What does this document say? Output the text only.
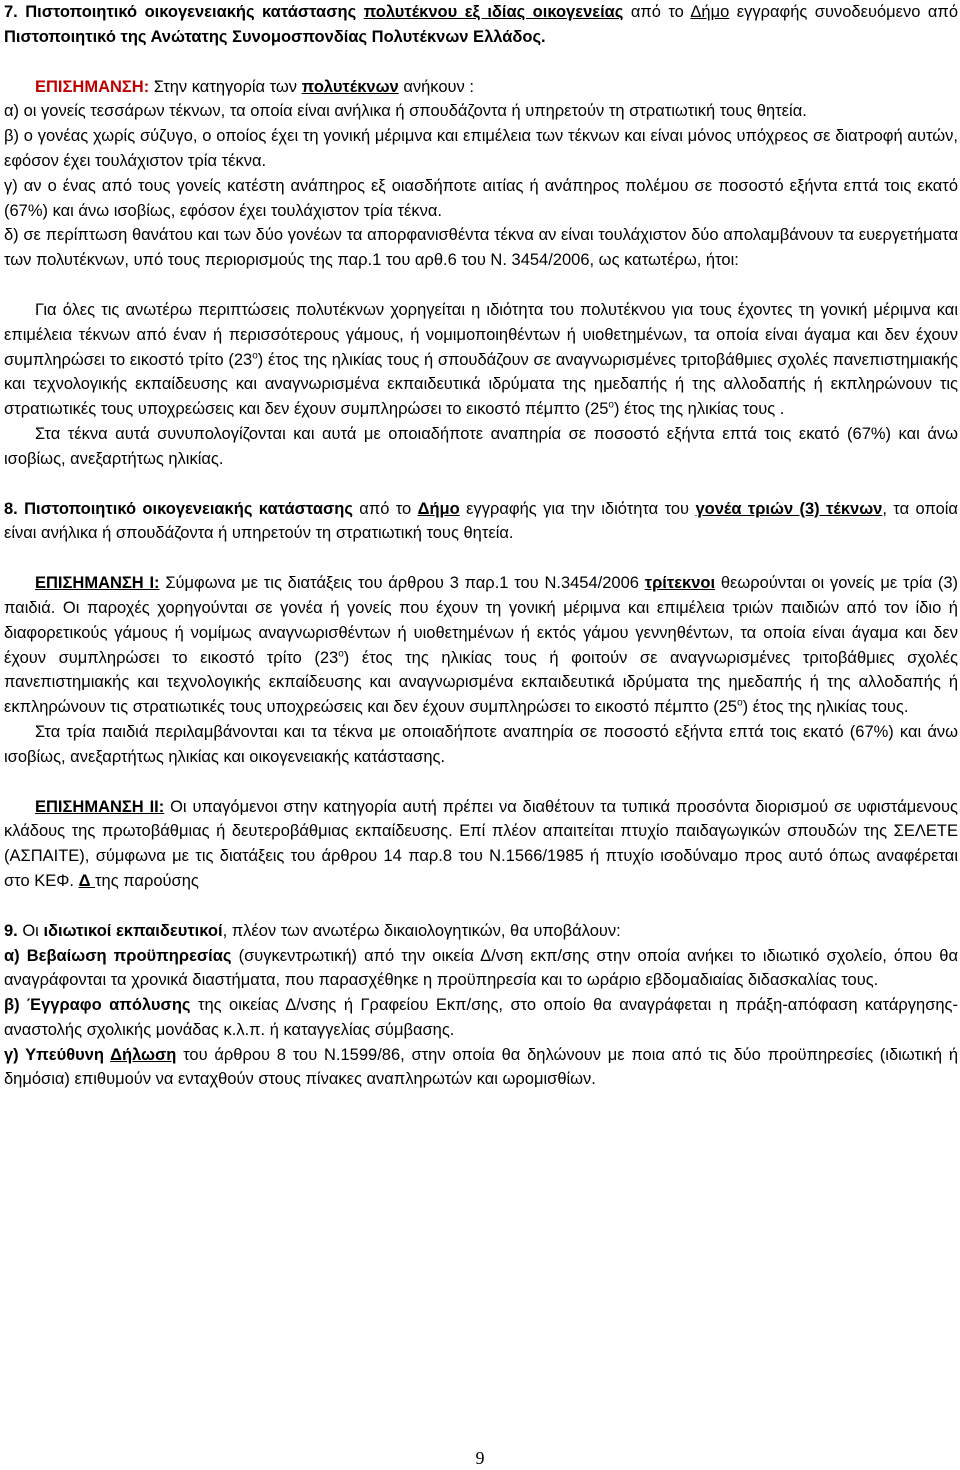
7. Πιστοποιητικό οικογενειακής κατάστασης πολυτέκνου εξ ιδίας οικογενείας από το Δήμο εγγραφής συνοδευόμενο από Πιστοποιητικό της Ανώτατης Συνομοσπονδίας Πολυτέκνων Ελλάδος.

ΕΠΙΣΗΜΑΝΣΗ: Στην κατηγορία των πολυτέκνων ανήκουν :

α) οι γονείς τεσσάρων τέκνων, τα οποία είναι ανήλικα ή σπουδάζοντα ή υπηρετούν τη στρατιωτική τους θητεία.

β) ο γονέας χωρίς σύζυγο, ο οποίος έχει τη γονική μέριμνα και επιμέλεια των τέκνων και είναι μόνος υπόχρεος σε διατροφή αυτών, εφόσον έχει τουλάχιστον τρία τέκνα.

γ) αν ο ένας από τους γονείς κατέστη ανάπηρος εξ οιασδήποτε αιτίας ή ανάπηρος πολέμου σε ποσοστό εξήντα επτά τοις εκατό (67%) και άνω ισοβίως, εφόσον έχει τουλάχιστον τρία τέκνα.

δ) σε περίπτωση θανάτου και των δύο γονέων τα απορφανισθέντα τέκνα αν είναι τουλάχιστον δύο απολαμβάνουν τα ευεργετήματα των πολυτέκνων, υπό τους περιορισμούς της παρ.1 του αρθ.6 του Ν. 3454/2006, ως κατωτέρω, ήτοι:

Για όλες τις ανωτέρω περιπτώσεις πολυτέκνων χορηγείται η ιδιότητα του πολυτέκνου για τους έχοντες τη γονική μέριμνα και επιμέλεια τέκνων από έναν ή περισσότερους γάμους, ή νομιμοποιηθέντων ή υιοθετημένων, τα οποία είναι άγαμα και δεν έχουν συμπληρώσει το εικοστό τρίτο $(23^o)$ έτος της ηλικίας τους ή σπουδάζουν σε αναγνωρισμένες τριτοβάθμιες σχολές πανεπιστημιακής και τεχνολογικής εκπαίδευσης και αναγνωρισμένα εκπαιδευτικά ιδρύματα της ημεδαπής ή της αλλοδαπής ή εκπληρώνουν τις στρατιωτικές τους υποχρεώσεις και δεν έχουν συμπληρώσει το εικοστό πέμπτο $(25^o)$ έτος της ηλικίας τους .

Στα τέκνα αυτά συνυπολογίζονται και αυτά με οποιαδήποτε αναπηρία σε ποσοστό εξήντα επτά τοις εκατό (67%) και άνω ισοβίως, ανεξαρτήτως ηλικίας.

8. Πιστοποιητικό οικογενειακής κατάστασης από το Δήμο εγγραφής για την ιδιότητα του γονέα τριών (3) τέκνων, τα οποία είναι ανήλικα ή σπουδάζοντα ή υπηρετούν τη στρατιωτική τους θητεία.

ΕΠΙΣΗΜΑΝΣΗ Ι: Σύμφωνα με τις διατάξεις του άρθρου 3 παρ.1 του Ν.3454/2006 τρίτεκνοι θεωρούνται οι γονείς με τρία (3) παιδιά. Οι παροχές χορηγούνται σε γονέα ή γονείς που έχουν τη γονική μέριμνα και επιμέλεια τριών παιδιών από τον ίδιο ή διαφορετικούς γάμους ή νομίμως αναγνωρισθέντων ή υιοθετημένων ή εκτός γάμου γεννηθέντων, τα οποία είναι άγαμα και δεν έχουν συμπληρώσει το εικοστό τρίτο $(23^o)$ έτος της ηλικίας τους ή φοιτούν σε αναγνωρισμένες τριτοβάθμιες σχολές πανεπιστημιακής και τεχνολογικής εκπαίδευσης και αναγνωρισμένα εκπαιδευτικά ιδρύματα της ημεδαπής ή της αλλοδαπής ή εκπληρώνουν τις στρατιωτικές τους υποχρεώσεις και δεν έχουν συμπληρώσει το εικοστό πέμπτο $(25^o)$ έτος της ηλικίας τους.

Στα τρία παιδιά περιλαμβάνονται και τα τέκνα με οποιαδήποτε αναπηρία σε ποσοστό εξήντα επτά τοις εκατό (67%) και άνω ισοβίως, ανεξαρτήτως ηλικίας και οικογενειακής κατάστασης.

ΕΠΙΣΗΜΑΝΣΗ ΙΙ: Οι υπαγόμενοι στην κατηγορία αυτή πρέπει να διαθέτουν τα τυπικά προσόντα διορισμού σε υφιστάμενους κλάδους της πρωτοβάθμιας ή δευτεροβάθμιας εκπαίδευσης. Επί πλέον απαιτείται πτυχίο παιδαγωγικών σπουδών της ΣΕΛΕΤΕ (ΑΣΠΑΙΤΕ), σύμφωνα με τις διατάξεις του άρθρου 14 παρ.8 του Ν.1566/1985 ή πτυχίο ισοδύναμο προς αυτό όπως αναφέρεται στο ΚΕΦ. Δ της παρούσης

9. Οι ιδιωτικοί εκπαιδευτικοί, πλέον των ανωτέρω δικαιολογητικών, θα υποβάλουν:

α) Βεβαίωση προϋπηρεσίας (συγκεντρωτική) από την οικεία Δ/νση εκπ/σης στην οποία ανήκει το ιδιωτικό σχολείο, όπου θα αναγράφονται τα χρονικά διαστήματα, που παρασχέθηκε η προϋπηρεσία και το ωράριο εβδομαδιαίας διδασκαλίας τους.

β) Έγγραφο απόλυσης της οικείας Δ/νσης ή Γραφείου Εκπ/σης, στο οποίο θα αναγράφεται η πράξη-απόφαση κατάργησης-αναστολής σχολικής μονάδας κ.λ.π. ή καταγγελίας σύμβασης.

γ) Υπεύθυνη Δήλωση του άρθρου 8 του Ν.1599/86, στην οποία θα δηλώνουν με ποια από τις δύο προϋπηρεσίες (ιδιωτική ή δημόσια) επιθυμούν να ενταχθούν στους πίνακες αναπληρωτών και ωρομισθίων.

9
